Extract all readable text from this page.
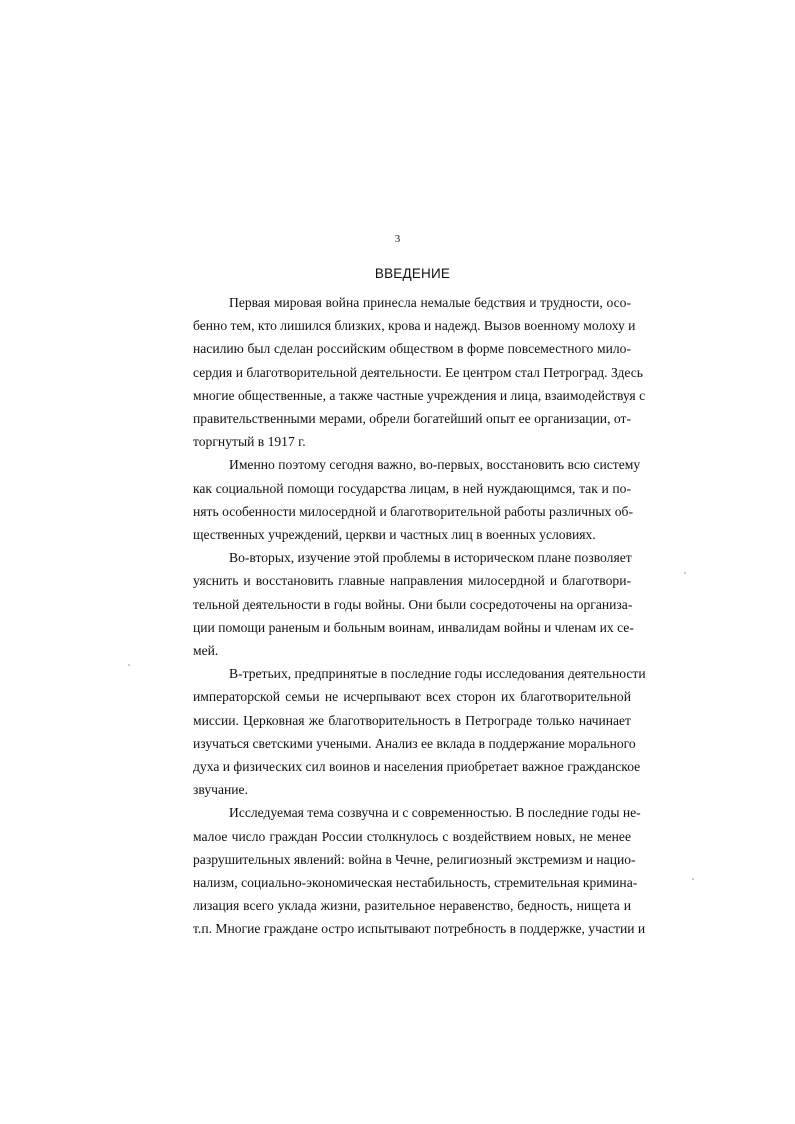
3
ВВЕДЕНИЕ
Первая мировая война принесла немалые бедствия и трудности, осо-
бенно тем, кто лишился близких, крова и надежд. Вызов военному молоху и
насилию был сделан российским обществом в форме повсеместного мило-
сердия и благотворительной деятельности. Ее центром стал Петроград. Здесь
многие общественные, а также частные учреждения и лица, взаимодействуя с
правительственными мерами, обрели богатейший опыт ее организации, от-
торгнутый в 1917 г.
Именно поэтому сегодня важно, во-первых, восстановить всю систему
как социальной помощи государства лицам, в ней нуждающимся, так и по-
нять особенности милосердной и благотворительной работы различных об-
щественных учреждений, церкви и частных лиц в военных условиях.
Во-вторых, изучение этой проблемы в историческом плане позволяет
уяснить и восстановить главные направления милосердной и благотвори-
тельной деятельности в годы войны. Они были сосредоточены на организа-
ции помощи раненым и больным воинам, инвалидам войны и членам их се-
мей.
В-третьих, предпринятые в последние годы исследования деятельности
императорской семьи не исчерпывают всех сторон их благотворительной
миссии. Церковная же благотворительность в Петрограде только начинает
изучаться светскими учеными. Анализ ее вклада в поддержание морального
духа и физических сил воинов и населения приобретает важное гражданское
звучание.
Исследуемая тема созвучна и с современностью. В последние годы не-
малое число граждан России столкнулось с воздействием новых, не менее
разрушительных явлений: война в Чечне, религиозный экстремизм и нацио-
нализм, социально-экономическая нестабильность, стремительная кримина-
лизация всего уклада жизни, разительное неравенство, бедность, нищета и
т.п. Многие граждане остро испытывают потребность в поддержке, участии и
